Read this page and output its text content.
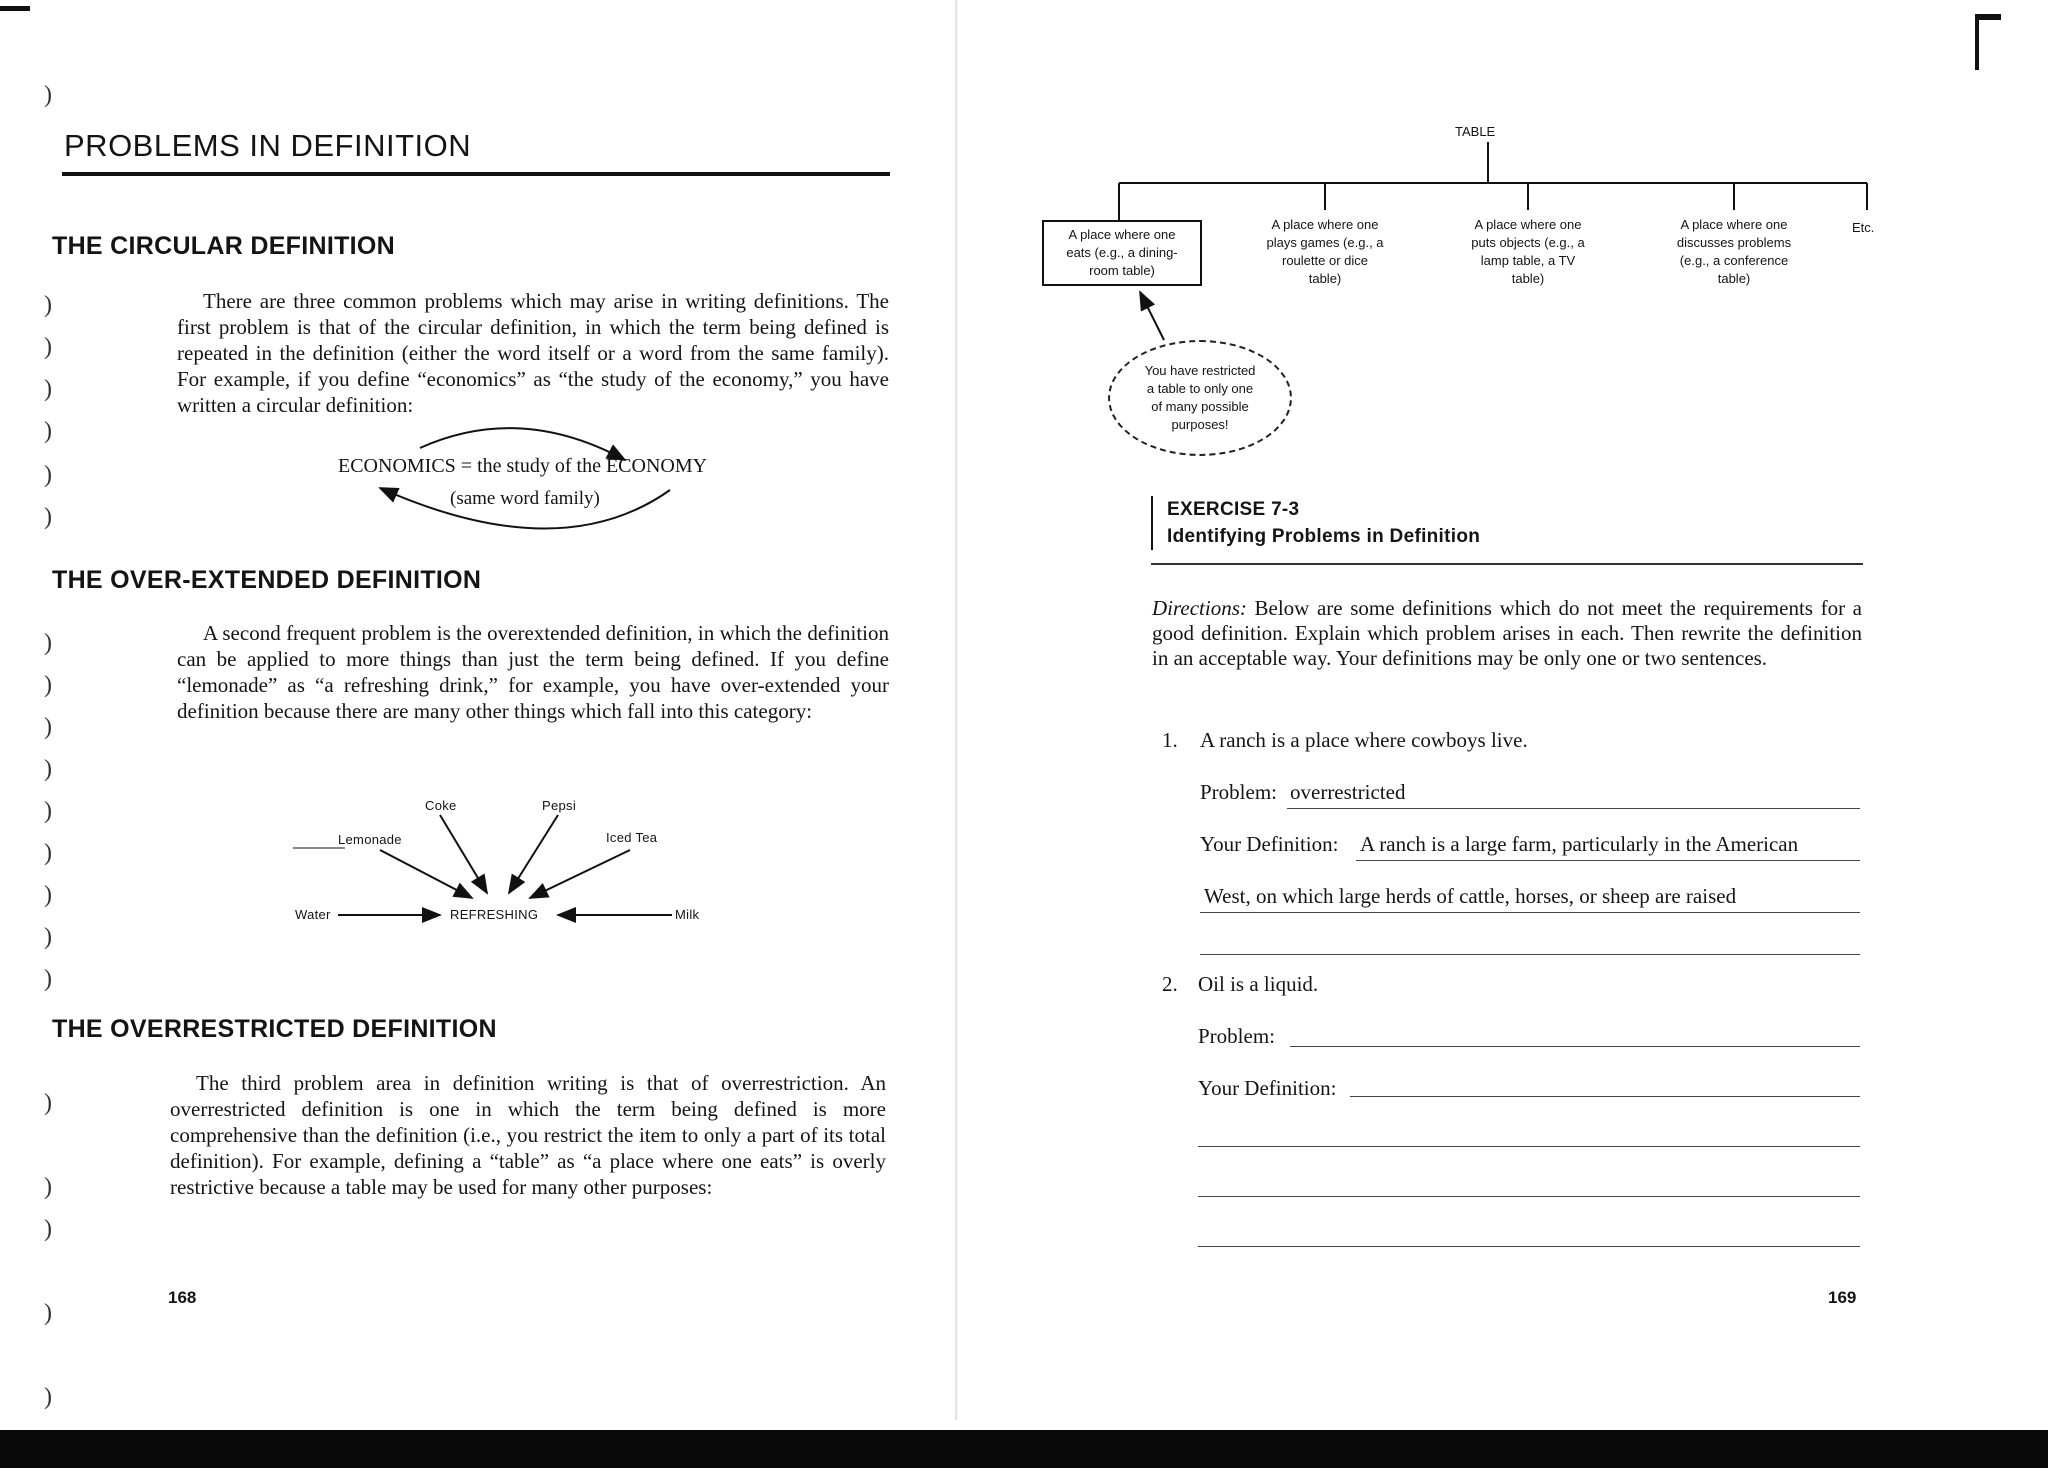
)
)
)
)
)
)
)
)
)
)
)
)
)
)
)
)
)
)
)
)
)
PROBLEMS IN DEFINITION
THE CIRCULAR DEFINITION
There are three common problems which may arise in writing definitions. The first problem is that of the circular definition, in which the term being defined is repeated in the definition (either the word itself or a word from the same family). For example, if you define “economics” as “the study of the economy,” you have written a circular definition:
ECONOMICS = the study of the ECONOMY
(same word family)
THE OVER-EXTENDED DEFINITION
A second frequent problem is the overextended definition, in which the definition can be applied to more things than just the term being defined. If you define “lemonade” as “a refreshing drink,” for example, you have over-extended your definition because there are many other things which fall into this category:
Coke	Pepsi
Lemonade	Iced Tea
Water	REFRESHING	Milk
THE OVERRESTRICTED DEFINITION
The third problem area in definition writing is that of overrestriction. An overrestricted definition is one in which the term being defined is more comprehensive than the definition (i.e., you restrict the item to only a part of its total definition). For example, defining a “table” as “a place where one eats” is overly restrictive because a table may be used for many other purposes:
168
TABLE
A place where one
eats (e.g., a dining-
room table)
A place where one
plays games (e.g., a
roulette or dice
table)
A place where one
puts objects (e.g., a
lamp table, a TV
table)
A place where one
discusses problems
(e.g., a conference
table)
Etc.
You have restricted
a table to only one
of many possible
purposes!
EXERCISE 7-3
Identifying Problems in Definition
Directions: Below are some definitions which do not meet the requirements for a good definition. Explain which problem arises in each. Then rewrite the definition in an acceptable way. Your definitions may be only one or two sentences.
1. A ranch is a place where cowboys live.
Problem: overrestricted
Your Definition: A ranch is a large farm, particularly in the American
West, on which large herds of cattle, horses, or sheep are raised
2. Oil is a liquid.
Problem:
Your Definition:
169
